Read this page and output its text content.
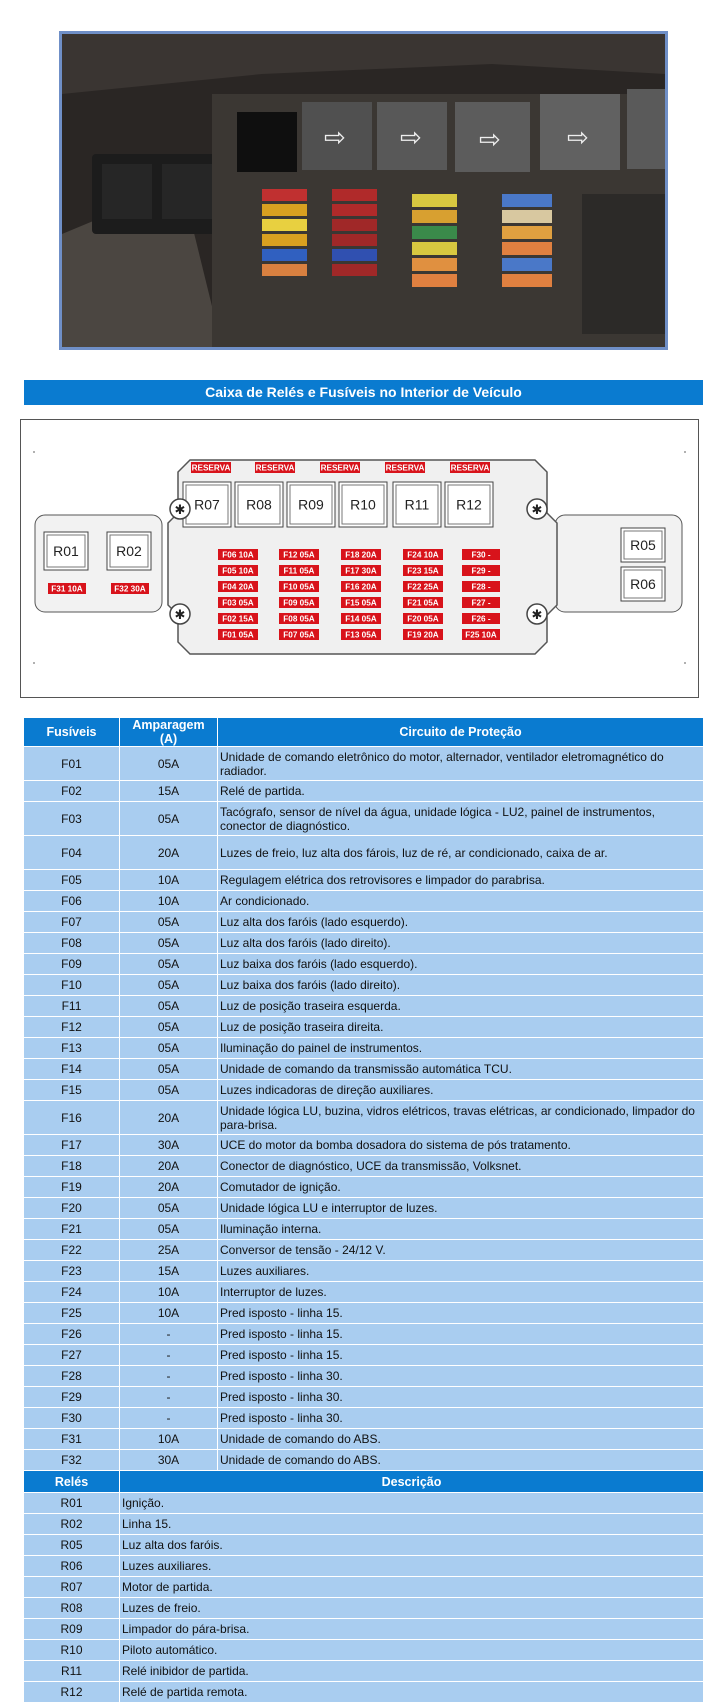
⇨ ⇨ ⇨	⇨
Caixa de Relés e Fusíveis no Interior de Veículo
RESERVA	RESERVA	RESERVA	RESERVA	RESERVA
R07 R08 R09 R10 R11 R12
R01	R02
F31 10A	F32 30A
R05
R06
F06 10A
F05 10A
F04 20A
F03 05A
F02 15A
F01 05A
F12 05A
F11 05A
F10 05A
F09 05A
F08 05A
F07 05A
F18 20A
F17 30A
F16 20A
F15 05A
F14 05A
F13 05A
F24 10A
F23 15A
F22 25A
F21 05A
F20 05A
F19 20A
F30 -
F29 -
F28 -
F27 -
F26 -
F25 10A
✱	✱
✱	✱
Fusíveis	Amparagem (A)	Circuito de Proteção
F01	05A	Unidade de comando eletrônico do motor, alternador, ventilador eletromagnético do radiador.
F02	15A	Relé de partida.
F03	05A	Tacógrafo, sensor de nível da água, unidade lógica - LU2, painel de instrumentos, conector de diagnóstico.
F04	20A	Luzes de freio, luz alta dos fárois, luz de ré, ar condicionado, caixa de ar.
F05	10A	Regulagem elétrica dos retrovisores e limpador do parabrisa.
F06	10A	Ar condicionado.
F07	05A	Luz alta dos faróis (lado esquerdo).
F08	05A	Luz alta dos faróis (lado direito).
F09	05A	Luz baixa dos faróis (lado esquerdo).
F10	05A	Luz baixa dos faróis (lado direito).
F11	05A	Luz de posição traseira esquerda.
F12	05A	Luz de posição traseira direita.
F13	05A	Iluminação do painel de instrumentos.
F14	05A	Unidade de comando da transmissão automática TCU.
F15	05A	Luzes indicadoras de direção auxiliares.
F16	20A	Unidade lógica LU, buzina, vidros elétricos, travas elétricas, ar condicionado, limpador do para-brisa.
F17	30A	UCE do motor da bomba dosadora do sistema de pós tratamento.
F18	20A	Conector de diagnóstico, UCE da transmissão, Volksnet.
F19	20A	Comutador de ignição.
F20	05A	Unidade lógica LU e interruptor de luzes.
F21	05A	Iluminação interna.
F22	25A	Conversor de tensão - 24/12 V.
F23	15A	Luzes auxiliares.
F24	10A	Interruptor de luzes.
F25	10A	Pred isposto - linha 15.
F26	-	Pred isposto - linha 15.
F27	-	Pred isposto - linha 15.
F28	-	Pred isposto - linha 30.
F29	-	Pred isposto - linha 30.
F30	-	Pred isposto - linha 30.
F31	10A	Unidade de comando do ABS.
F32	30A	Unidade de comando do ABS.
Relés	Descrição	
R01	Ignição.	
R02	Linha 15.	
R05	Luz alta dos faróis.	
R06	Luzes auxiliares.	
R07	Motor de partida.	
R08	Luzes de freio.	
R09	Limpador do pára-brisa.	
R10	Piloto automático.	
R11	Relé inibidor de partida.	
R12	Relé de partida remota.	
